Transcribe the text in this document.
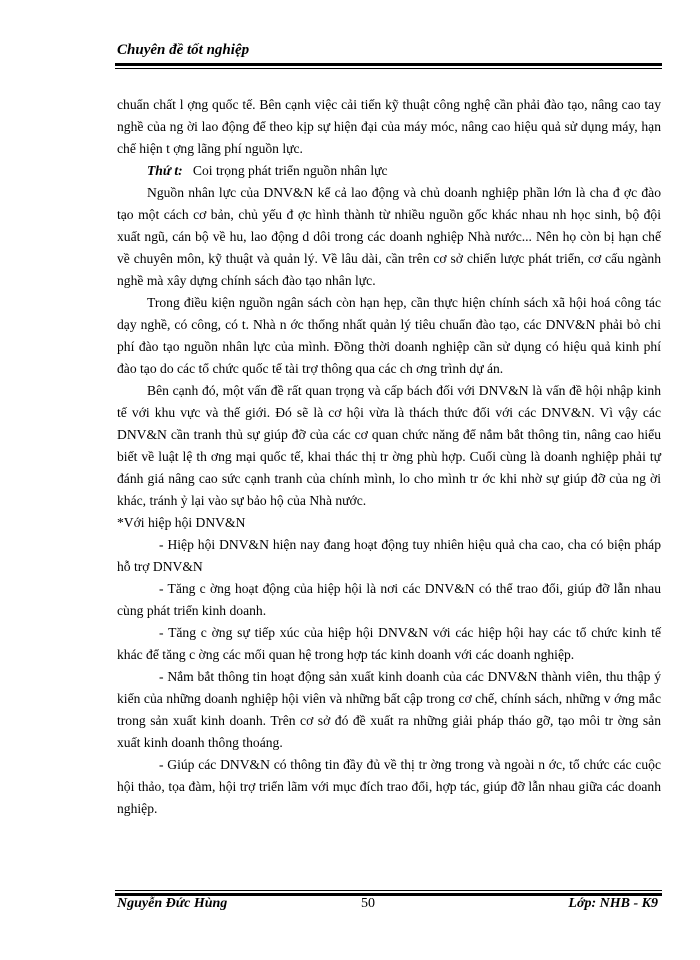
Chuyên đề tốt nghiệp

chuẩn chất l ợng quốc tế. Bên cạnh việc cải tiến kỹ thuật công nghệ cần phải đào tạo, nâng cao tay nghề của ng ời lao động để theo kịp sự hiện đại của máy móc, nâng cao hiệu quả sử dụng máy, hạn chế hiện t ợng lãng phí nguồn lực.

Thứ t: Coi trọng phát triển nguồn nhân lực

Nguồn nhân lực của DNV&N kể cả lao động và chủ doanh nghiệp phần lớn là cha đ ợc đào tạo một cách cơ bản, chủ yếu đ ợc hình thành từ nhiều nguồn gốc khác nhau nh học sinh, bộ đội xuất ngũ, cán bộ về hu, lao động d dôi trong các doanh nghiệp Nhà nước... Nên họ còn bị hạn chế về chuyên môn, kỹ thuật và quản lý. Về lâu dài, cần trên cơ sở chiến lược phát triển, cơ cấu ngành nghề mà xây dựng chính sách đào tạo nhân lực.

Trong điều kiện nguồn ngân sách còn hạn hẹp, cần thực hiện chính sách xã hội hoá công tác dạy nghề, có công, có t. Nhà n ớc thống nhất quản lý tiêu chuẩn đào tạo, các DNV&N phải bỏ chi phí đào tạo nguồn nhân lực của mình. Đồng thời doanh nghiệp cần sử dụng có hiệu quả kinh phí đào tạo do các tổ chức quốc tế tài trợ thông qua các ch ơng trình dự án.

Bên cạnh đó, một vấn đề rất quan trọng và cấp bách đối với DNV&N là vấn đề hội nhập kinh tế với khu vực và thế giới. Đó sẽ là cơ hội vừa là thách thức đối với các DNV&N. Vì vậy các DNV&N cần tranh thủ sự giúp đỡ của các cơ quan chức năng để nắm bắt thông tin, nâng cao hiểu biết về luật lệ th ơng mại quốc tế, khai thác thị tr ờng phù hợp. Cuối cùng là doanh nghiệp phải tự đánh giá nâng cao sức cạnh tranh của chính mình, lo cho mình tr ớc khi nhờ sự giúp đỡ của ng ời khác, tránh ỷ lại vào sự bảo hộ của Nhà nước.

*Với hiệp hội DNV&N

- Hiệp hội DNV&N hiện nay đang hoạt động tuy nhiên hiệu quả cha cao, cha có biện pháp hỗ trợ DNV&N

- Tăng c ờng hoạt động của hiệp hội là nơi các DNV&N có thể trao đổi, giúp đỡ lẫn nhau cùng phát triển kinh doanh.

- Tăng c ờng sự tiếp xúc của hiệp hội DNV&N với các hiệp hội hay các tổ chức kinh tế khác để tăng c ờng các mối quan hệ trong hợp tác kinh doanh với các doanh nghiệp.

- Nắm bắt thông tin hoạt động sản xuất kinh doanh của các DNV&N thành viên, thu thập ý kiến của những doanh nghiệp hội viên và những bất cập trong cơ chế, chính sách, những v ớng mắc trong sản xuất kinh doanh. Trên cơ sở đó đề xuất ra những giải pháp tháo gỡ, tạo môi tr ờng sản xuất kinh doanh thông thoáng.

- Giúp các DNV&N có thông tin đầy đủ về thị tr ờng trong và ngoài n ớc, tổ chức các cuộc hội thảo, tọa đàm, hội trợ triển lãm với mục đích trao đổi, hợp tác, giúp đỡ lẫn nhau giữa các doanh nghiệp.

Nguyễn Đức Hùng	50	Lớp: NHB - K9
